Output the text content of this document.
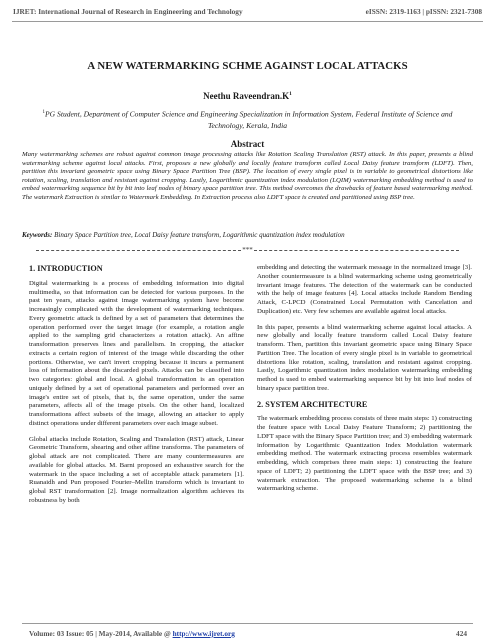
IJRET: International Journal of Research in Engineering and Technology	eISSN: 2319-1163 | pISSN: 2321-7308
A NEW WATERMARKING SCHME AGAINST LOCAL ATTACKS
Neethu $Raveendran.K^1$
$^1$PG Student, Department of Computer Science and Engineering Specialization in Information System, Federal Institute of Science and Technology, Kerala, India
Abstract
Many watermarking schemes are robust against common image processing attacks like Rotation Scaling Translation (RST) attack. In this paper, presents a blind watermarking scheme against local attacks. First, proposes a new globally and locally feature transform called Local Daisy feature transform (LDFT). Then, partition this invariant geometric space using Binary Space Partition Tree (BSP). The location of every single pixel is in variable to geometrical distortions like rotation, scaling, translation and resistant against cropping. Lastly, Logarithmic quantization index modulation (LQIM) watermarking embedding method is used to embed watermarking sequence bit by bit into leaf nodes of binary space partition tree. This method overcomes the drawbacks of feature based watermarking method. The watermark Extraction is similar to Watermark Embedding. In Extraction process also LDFT space is created and partitioned using BSP tree.
Keywords: Binary Space Partition tree, Local Daisy feature transform, Logarithmic quantization index modulation
***
1. INTRODUCTION

Digital watermarking is a process of embedding information into digital multimedia, so that information can be detected for various purposes. In the past ten years, attacks against image watermarking system have become increasingly complicated with the development of watermarking techniques. Every geometric attack is defined by a set of parameters that determines the operation performed over the target image (for example, a rotation angle applied to the sampling grid characterizes a rotation attack). An affine transformation preserves lines and parallelism. In cropping, the attacker extracts a certain region of interest of the image while discarding the other portions. Otherwise, we can't invert cropping because it incurs a permanent loss of information about the discarded pixels. Attacks can be classified into two categories: global and local. A global transformation is an operation uniquely defined by a set of operational parameters and performed over an image's entire set of pixels, that is, the same operation, under the same parameters, affects all of the image pixels. On the other hand, localized transformations affect subsets of the image, allowing an attacker to apply distinct operations under different parameters over each image subset.

Global attacks include Rotation, Scaling and Translation (RST) attack, Linear Geometric Transform, shearing and other affine transforms. The parameters of global attack are not complicated. There are many countermeasures are available for global attacks. M. Barni proposed an exhaustive search for the watermark in the space including a set of acceptable attack parameters [1]. Ruanaidh and Pun proposed Fourier–Mellin transform which is invariant to global RST transformation [2]. Image normalization algorithm achieves its robustness by both

embedding and detecting the watermark message in the normalized image [3]. Another countermeasure is a blind watermarking scheme using geometrically invariant image features. The detection of the watermark can be conducted with the help of image features [4]. Local attacks include Random Bending Attack, C-LPCD (Constrained Local Permutation with Cancelation and Duplication) etc. Very few schemes are available against local attacks.

In this paper, presents a blind watermarking scheme against local attacks. A new globally and locally feature transform called Local Daisy feature transform. Then, partition this invariant geometric space using Binary Space Partition Tree. The location of every single pixel is in variable to geometrical distortions like rotation, scaling, translation and resistant against cropping. Lastly, Logarithmic quantization index modulation watermarking embedding method is used to embed watermarking sequence bit by bit into leaf nodes of binary space partition tree.

2. SYSTEM ARCHITECTURE

The watermark embedding process consists of three main steps: 1) constructing the feature space with Local Daisy Feature Transform; 2) partitioning the LDFT space with the Binary Space Partition tree; and 3) embedding watermark information by Logarithmic Quantization Index Modulation watermark embedding method. The watermark extracting process resembles watermark embedding, which comprises three main steps: 1) constructing the feature space of LDFT; 2) partitioning the LDFT space with the BSP tree; and 3) watermark extraction. The proposed watermarking scheme is a blind watermarking scheme.

Volume: 03 Issue: 05 | May-2014, Available @ http://www.ijret.org	424
